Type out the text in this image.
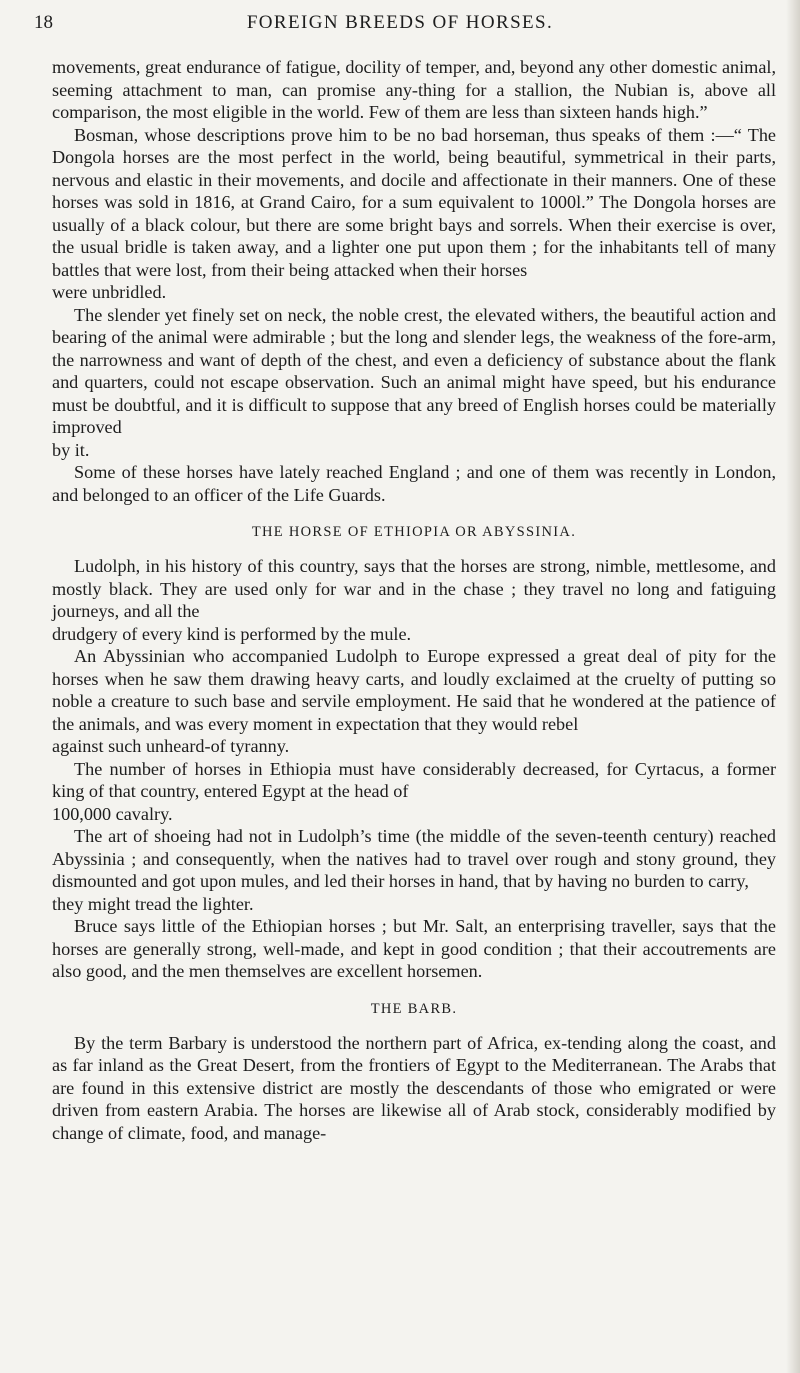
18	FOREIGN BREEDS OF HORSES.

movements, great endurance of fatigue, docility of temper, and, beyond any other domestic animal, seeming attachment to man, can promise any-thing for a stallion, the Nubian is, above all comparison, the most eligible in the world. Few of them are less than sixteen hands high.”

Bosman, whose descriptions prove him to be no bad horseman, thus speaks of them :—“ The Dongola horses are the most perfect in the world, being beautiful, symmetrical in their parts, nervous and elastic in their movements, and docile and affectionate in their manners. One of these horses was sold in 1816, at Grand Cairo, for a sum equivalent to 1000l.” The Dongola horses are usually of a black colour, but there are some bright bays and sorrels. When their exercise is over, the usual bridle is taken away, and a lighter one put upon them ; for the inhabitants tell of many battles that were lost, from their being attacked when their horses

were unbridled.

The slender yet finely set on neck, the noble crest, the elevated withers, the beautiful action and bearing of the animal were admirable ; but the long and slender legs, the weakness of the fore-arm, the narrowness and want of depth of the chest, and even a deficiency of substance about the flank and quarters, could not escape observation. Such an animal might have speed, but his endurance must be doubtful, and it is difficult to suppose that any breed of English horses could be materially improved

by it.

Some of these horses have lately reached England ; and one of them was recently in London, and belonged to an officer of the Life Guards.

THE HORSE OF ETHIOPIA OR ABYSSINIA.

Ludolph, in his history of this country, says that the horses are strong, nimble, mettlesome, and mostly black. They are used only for war and in the chase ; they travel no long and fatiguing journeys, and all the

drudgery of every kind is performed by the mule.

An Abyssinian who accompanied Ludolph to Europe expressed a great deal of pity for the horses when he saw them drawing heavy carts, and loudly exclaimed at the cruelty of putting so noble a creature to such base and servile employment. He said that he wondered at the patience of the animals, and was every moment in expectation that they would rebel

against such unheard-of tyranny.

The number of horses in Ethiopia must have considerably decreased, for Cyrtacus, a former king of that country, entered Egypt at the head of

100,000 cavalry.

The art of shoeing had not in Ludolph’s time (the middle of the seven-teenth century) reached Abyssinia ; and consequently, when the natives had to travel over rough and stony ground, they dismounted and got upon mules, and led their horses in hand, that by having no burden to carry,

they might tread the lighter.

Bruce says little of the Ethiopian horses ; but Mr. Salt, an enterprising traveller, says that the horses are generally strong, well-made, and kept in good condition ; that their accoutrements are also good, and the men themselves are excellent horsemen.

THE BARB.

By the term Barbary is understood the northern part of Africa, ex-tending along the coast, and as far inland as the Great Desert, from the frontiers of Egypt to the Mediterranean. The Arabs that are found in this extensive district are mostly the descendants of those who emigrated or were driven from eastern Arabia. The horses are likewise all of Arab stock, considerably modified by change of climate, food, and manage-
